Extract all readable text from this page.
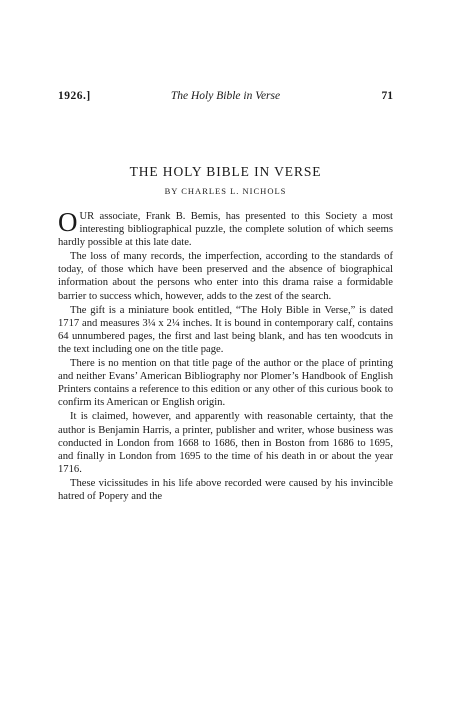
1926.]	The Holy Bible in Verse	71
THE HOLY BIBLE IN VERSE
BY CHARLES L. NICHOLS

OUR associate, Frank B. Bemis, has presented to this Society a most interesting bibliographical puzzle, the complete solution of which seems hardly possible at this late date.

The loss of many records, the imperfection, according to the standards of today, of those which have been preserved and the absence of biographical information about the persons who enter into this drama raise a formidable barrier to success which, however, adds to the zest of the search.

The gift is a miniature book entitled, “The Holy Bible in Verse,” is dated 1717 and measures 3¼ x 2¼ inches. It is bound in contemporary calf, contains 64 unnumbered pages, the first and last being blank, and has ten woodcuts in the text including one on the title page.

There is no mention on that title page of the author or the place of printing and neither Evans’ American Bibliography nor Plomer’s Handbook of English Printers contains a reference to this edition or any other of this curious book to confirm its American or English origin.

It is claimed, however, and apparently with reasonable certainty, that the author is Benjamin Harris, a printer, publisher and writer, whose business was conducted in London from 1668 to 1686, then in Boston from 1686 to 1695, and finally in London from 1695 to the time of his death in or about the year 1716.

These vicissitudes in his life above recorded were caused by his invincible hatred of Popery and the
